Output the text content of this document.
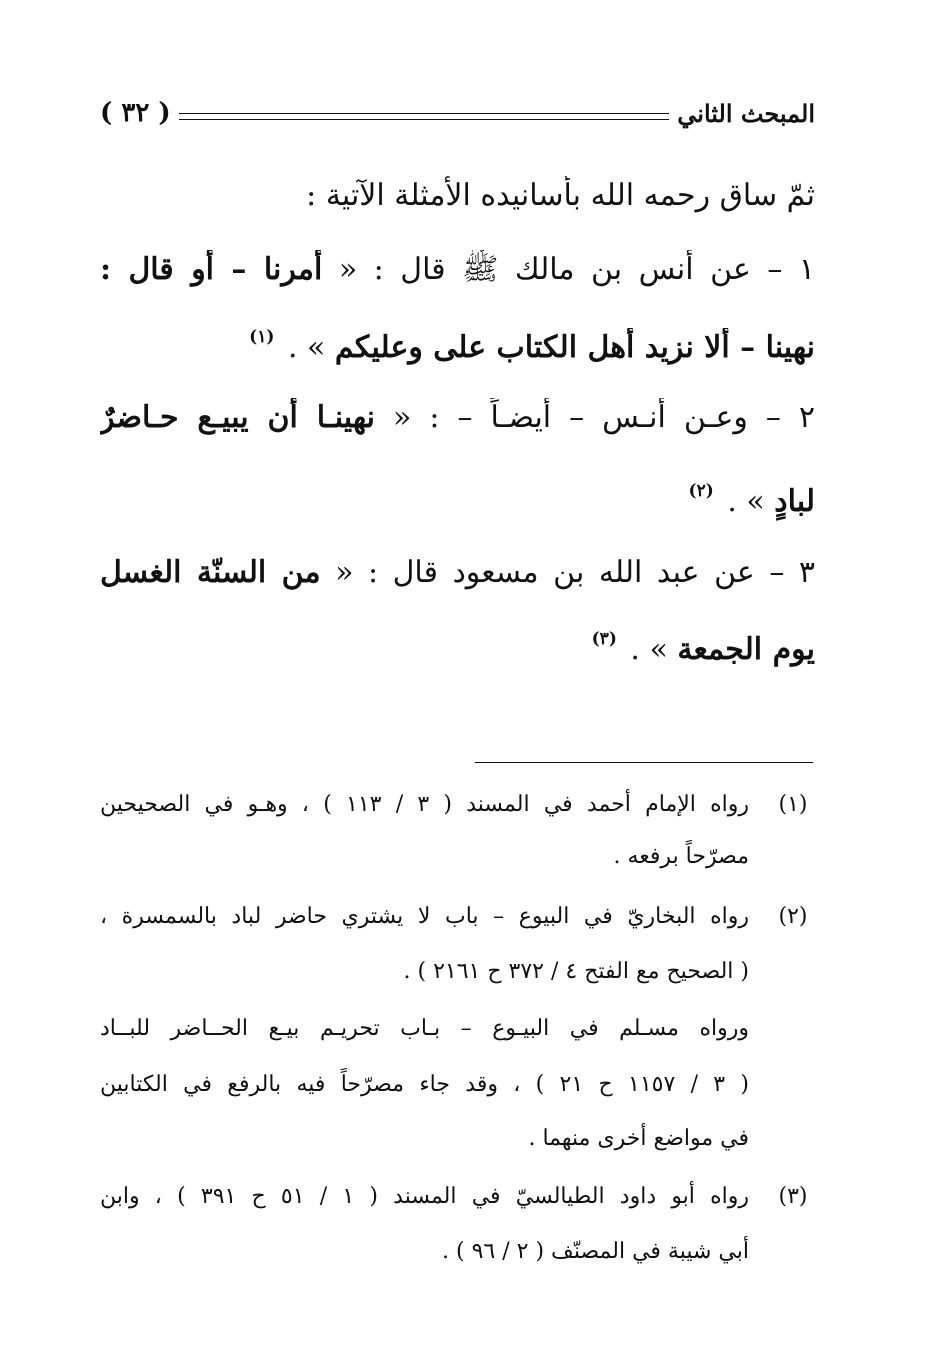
المبحث الثاني
( ٣٢ )
ثمّ ساق رحمه الله بأسانيده الأمثلة الآتية :
١ – عن أنس بن مالك ﷺ قال : « أمرنا – أو قال :
نهينا – ألا نزيد أهل الكتاب على وعليكم » . $^{(١)}$
٢ – وعـن أنـس – أيضـاً – : « نهينـا أن يبيـع حـاضرٌ
لبادٍ » . $^{(٢)}$
٣ – عن عبد الله بن مسعود قال : « من السنّة الغسل
يوم الجمعة » . $^{(٣)}$
(١)
رواه الإمام أحمد في المسند ( ٣ / ١١٣ ) ، وهـو في الصحيحين
مصرّحاً برفعه .
(٢)
رواه البخاريّ في البيوع – باب لا يشتري حاضر لباد بالسمسرة ،
( الصحيح مع الفتح ٤ / ٣٧٢ ح ٢١٦١ ) .
ورواه مسـلم في البيـوع – بـاب تحريـم بيـع الحــاضر للبــاد
( ٣ / ١١٥٧ ح ٢١ ) ، وقد جاء مصرّحاً فيه بالرفع في الكتابين
في مواضع أخرى منهما .
(٣)
رواه أبو داود الطيالسيّ في المسند ( ١ / ٥١ ح ٣٩١ ) ، وابن
أبي شيبة في المصنّف ( ٢ / ٩٦ ) .
